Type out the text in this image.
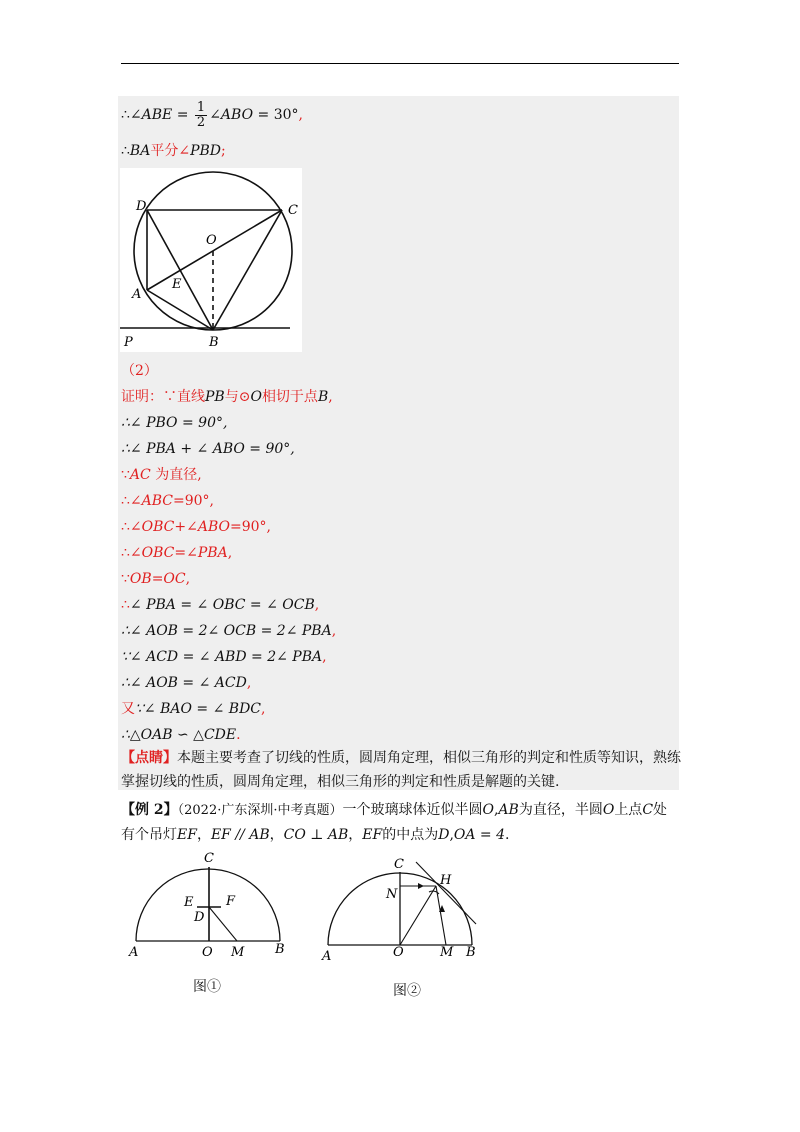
∴∠ABE = $\frac{1}{2}$ ∠ABO = 30°,
∴BA平分∠PBD;
D	C
O
E
A
P	B
（2）
证明：∵直线PB与⊙O相切于点B,
∴∠ PBO = 90°,
∴∠ PBA + ∠ ABO = 90°,
∵AC 为直径,
∴∠ABC=90°,
∴∠OBC+∠ABO=90°,
∴∠OBC=∠PBA,
∵OB=OC,
∴∠ PBA = ∠ OBC = ∠ OCB,
∴∠ AOB = 2∠ OCB = 2∠ PBA,
∵∠ ACD = ∠ ABD = 2∠ PBA,
∴∠ AOB = ∠ ACD,
又∵∠ BAO = ∠ BDC,
∴△OAB ∽ △CDE.
【点睛】本题主要考查了切线的性质，圆周角定理，相似三角形的判定和性质等知识，熟练掌握切线的性质，圆周角定理，相似三角形的判定和性质是解题的关键.
【例 2】（2022·广东深圳·中考真题）一个玻璃球体近似半圆O,AB为直径，半圆O上点C处有个吊灯EF，EF // AB，CO ⊥ AB，EF的中点为D,OA = 4.
C
E
D
F
A	O M B
C
N
H
A	O	M B
图①	图②
